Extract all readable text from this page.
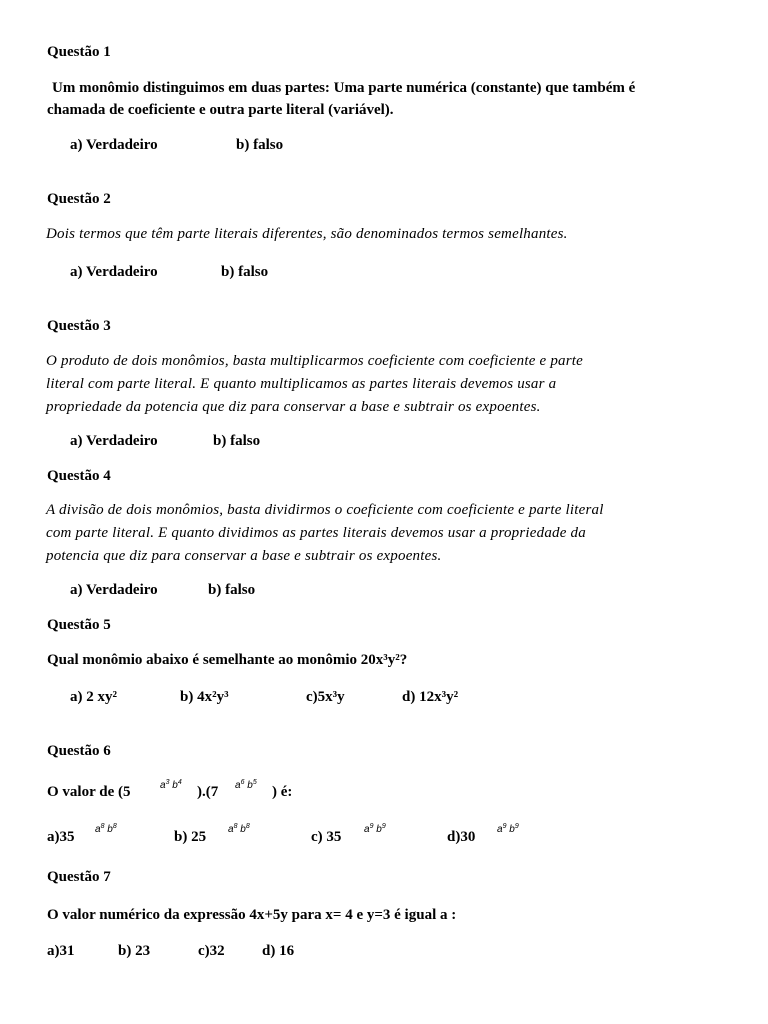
Questão 1
Um monômio distinguimos em duas partes: Uma parte numérica (constante) que também é
chamada de coeficiente e outra parte literal (variável).
a) Verdadeiro	b) falso
Questão 2
Dois termos que têm parte literais diferentes, são denominados termos semelhantes.
a) Verdadeiro	b) falso
Questão 3
O produto de dois monômios, basta multiplicarmos coeficiente com coeficiente e parte
literal com parte literal. E quanto multiplicamos as partes literais devemos usar a
propriedade da potencia que diz para conservar a base e subtrair os expoentes.
a) Verdadeiro	b) falso
Questão 4
A divisão de dois monômios, basta dividirmos o coeficiente com coeficiente e parte literal
com parte literal. E quanto dividimos as partes literais devemos usar a propriedade da
potencia que diz para conservar a base e subtrair os expoentes.
a) Verdadeiro	b) falso
Questão 5
Qual monômio abaixo é semelhante ao monômio 20x³y²?
a) 2 xy²	b) 4x²y³	c)5x³y	d) 12x³y²
Questão 6
O valor de (5	$a^3$ $b^4$
).(7 $a^6$ $b^5$
) é:
a)35 $a^8$ $b^8$
b) 25 $a^8$ $b^8$
c) 35 $a^9$ $b^9$
d)30 $a^9$ $b^9$
Questão 7
O valor numérico da expressão 4x+5y para x= 4 e y=3 é igual a :
a)31	b) 23	c)32 d) 16
